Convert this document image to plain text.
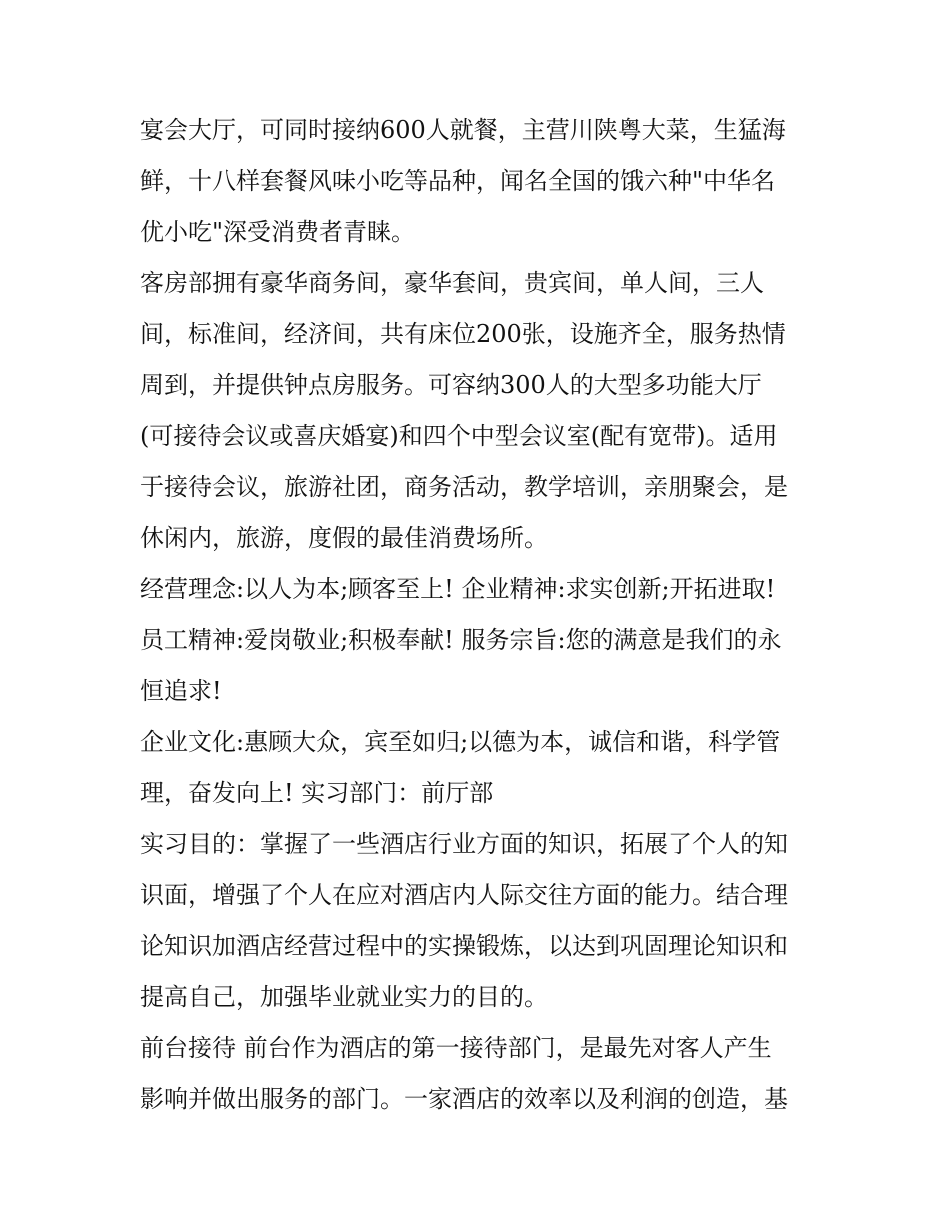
宴会大厅，可同时接纳600人就餐，主营川陕粤大菜，生猛海
鲜，十八样套餐风味小吃等品种，闻名全国的饿六种"中华名
优小吃"深受消费者青睐。
客房部拥有豪华商务间，豪华套间，贵宾间，单人间，三人
间，标准间，经济间，共有床位200张，设施齐全，服务热情
周到，并提供钟点房服务。可容纳300人的大型多功能大厅
(可接待会议或喜庆婚宴)和四个中型会议室(配有宽带)。适用
于接待会议，旅游社团，商务活动，教学培训，亲朋聚会，是
休闲内，旅游，度假的最佳消费场所。
经营理念:以人为本;顾客至上! 企业精神:求实创新;开拓进取!
员工精神:爱岗敬业;积极奉献! 服务宗旨:您的满意是我们的永
恒追求!
企业文化:惠顾大众，宾至如归;以德为本，诚信和谐，科学管
理，奋发向上! 实习部门：前厅部
实习目的：掌握了一些酒店行业方面的知识，拓展了个人的知
识面，增强了个人在应对酒店内人际交往方面的能力。结合理
论知识加酒店经营过程中的实操锻炼，以达到巩固理论知识和
提高自己，加强毕业就业实力的目的。
前台接待 前台作为酒店的第一接待部门，是最先对客人产生
影响并做出服务的部门。一家酒店的效率以及利润的创造，基
